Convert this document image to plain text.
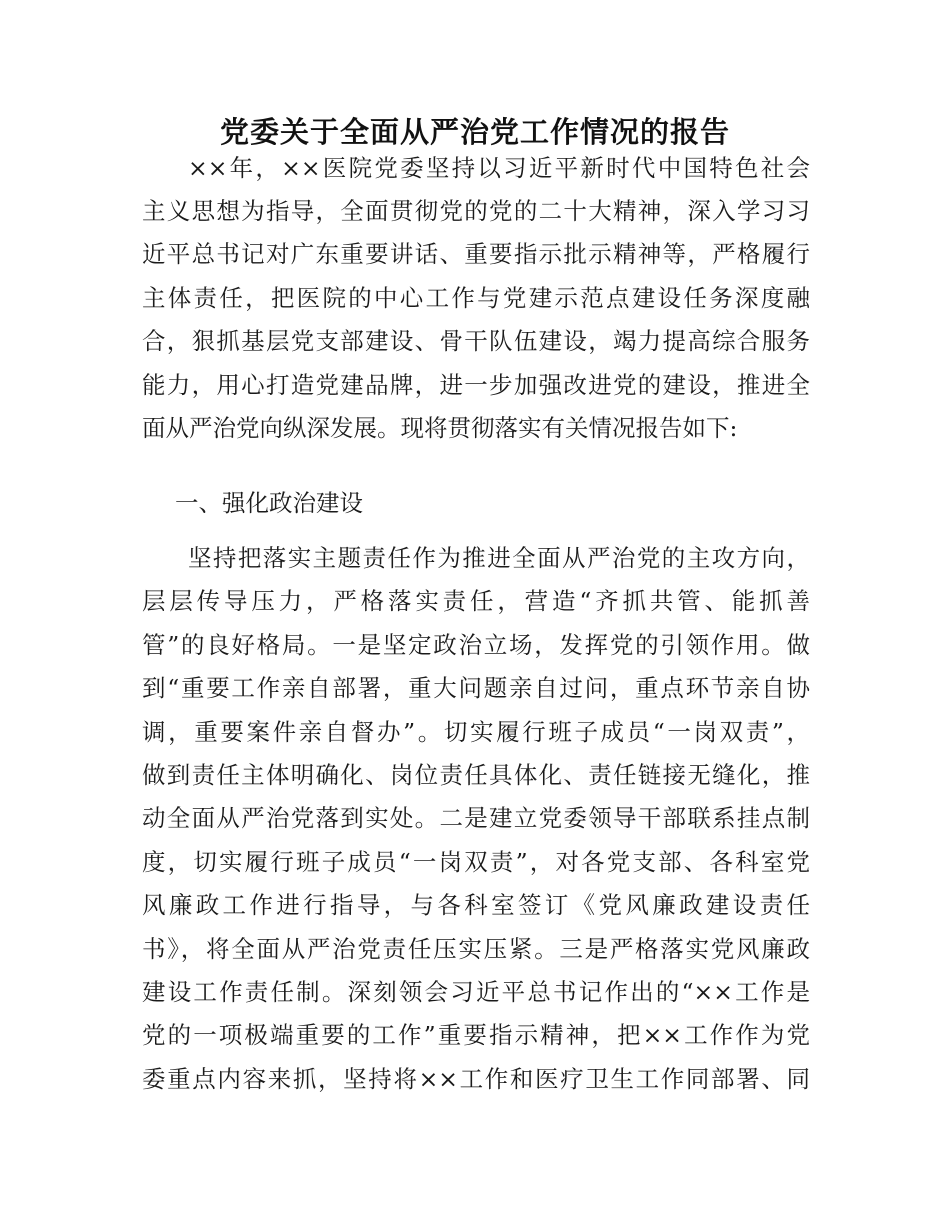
党委关于全面从严治党工作情况的报告
××年，××医院党委坚持以习近平新时代中国特色社会
主义思想为指导，全面贯彻党的党的二十大精神，深入学习习
近平总书记对广东重要讲话、重要指示批示精神等，严格履行
主体责任，把医院的中心工作与党建示范点建设任务深度融
合，狠抓基层党支部建设、骨干队伍建设，竭力提高综合服务
能力，用心打造党建品牌，进一步加强改进党的建设，推进全
面从严治党向纵深发展。现将贯彻落实有关情况报告如下:
一、强化政治建设
坚持把落实主题责任作为推进全面从严治党的主攻方向，
层层传导压力，严格落实责任，营造“齐抓共管、能抓善
管”的良好格局。一是坚定政治立场，发挥党的引领作用。做
到“重要工作亲自部署，重大问题亲自过问，重点环节亲自协
调，重要案件亲自督办”。切实履行班子成员“一岗双责”，
做到责任主体明确化、岗位责任具体化、责任链接无缝化，推
动全面从严治党落到实处。二是建立党委领导干部联系挂点制
度，切实履行班子成员“一岗双责”，对各党支部、各科室党
风廉政工作进行指导，与各科室签订《党风廉政建设责任
书》，将全面从严治党责任压实压紧。三是严格落实党风廉政
建设工作责任制。深刻领会习近平总书记作出的“××工作是
党的一项极端重要的工作”重要指示精神，把××工作作为党
委重点内容来抓，坚持将××工作和医疗卫生工作同部署、同
